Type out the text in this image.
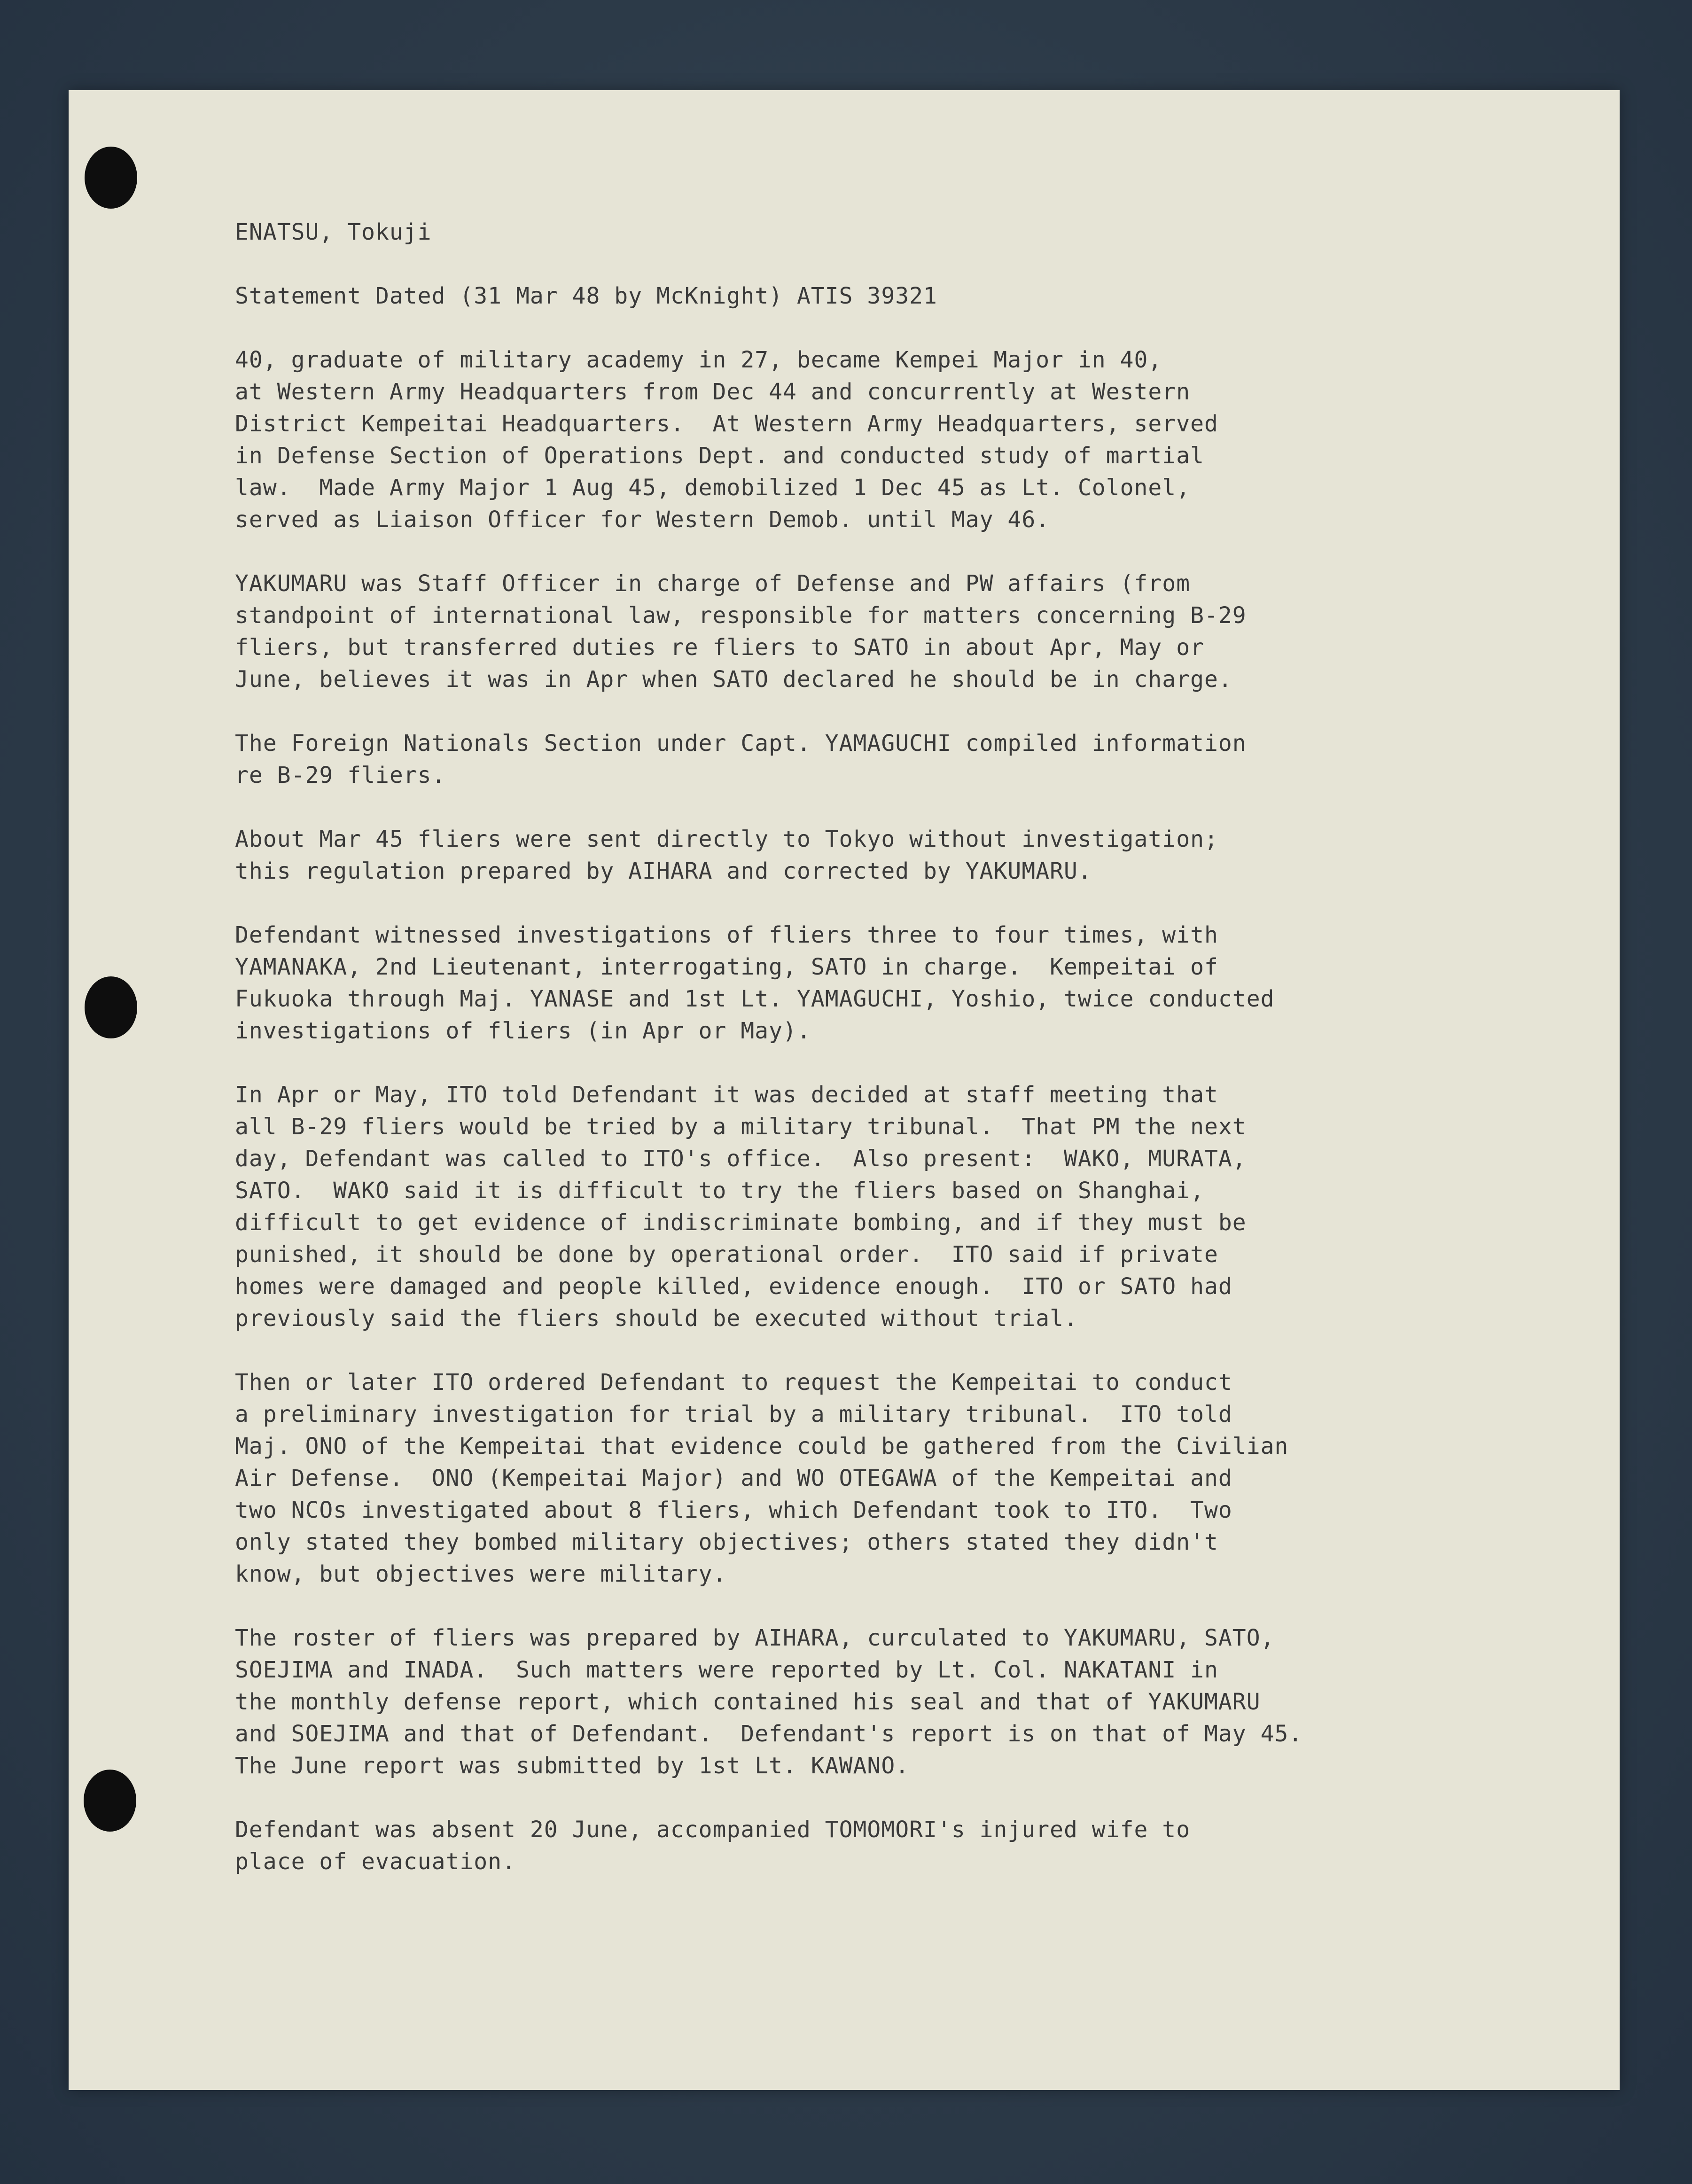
ENATSU, Tokuji

Statement Dated (31 Mar 48 by McKnight) ATIS 39321

40, graduate of military academy in 27, became Kempei Major in 40,
at Western Army Headquarters from Dec 44 and concurrently at Western
District Kempeitai Headquarters.  At Western Army Headquarters, served
in Defense Section of Operations Dept. and conducted study of martial
law.  Made Army Major 1 Aug 45, demobilized 1 Dec 45 as Lt. Colonel,
served as Liaison Officer for Western Demob. until May 46.

YAKUMARU was Staff Officer in charge of Defense and PW affairs (from
standpoint of international law, responsible for matters concerning B-29
fliers, but transferred duties re fliers to SATO in about Apr, May or
June, believes it was in Apr when SATO declared he should be in charge.

The Foreign Nationals Section under Capt. YAMAGUCHI compiled information
re B-29 fliers.

About Mar 45 fliers were sent directly to Tokyo without investigation;
this regulation prepared by AIHARA and corrected by YAKUMARU.

Defendant witnessed investigations of fliers three to four times, with
YAMANAKA, 2nd Lieutenant, interrogating, SATO in charge.  Kempeitai of
Fukuoka through Maj. YANASE and 1st Lt. YAMAGUCHI, Yoshio, twice conducted
investigations of fliers (in Apr or May).

In Apr or May, ITO told Defendant it was decided at staff meeting that
all B-29 fliers would be tried by a military tribunal.  That PM the next
day, Defendant was called to ITO's office.  Also present:  WAKO, MURATA,
SATO.  WAKO said it is difficult to try the fliers based on Shanghai,
difficult to get evidence of indiscriminate bombing, and if they must be
punished, it should be done by operational order.  ITO said if private
homes were damaged and people killed, evidence enough.  ITO or SATO had
previously said the fliers should be executed without trial.

Then or later ITO ordered Defendant to request the Kempeitai to conduct
a preliminary investigation for trial by a military tribunal.  ITO told
Maj. ONO of the Kempeitai that evidence could be gathered from the Civilian
Air Defense.  ONO (Kempeitai Major) and WO OTEGAWA of the Kempeitai and
two NCOs investigated about 8 fliers, which Defendant took to ITO.  Two
only stated they bombed military objectives; others stated they didn't
know, but objectives were military.

The roster of fliers was prepared by AIHARA, curculated to YAKUMARU, SATO,
SOEJIMA and INADA.  Such matters were reported by Lt. Col. NAKATANI in
the monthly defense report, which contained his seal and that of YAKUMARU
and SOEJIMA and that of Defendant.  Defendant's report is on that of May 45.
The June report was submitted by 1st Lt. KAWANO.

Defendant was absent 20 June, accompanied TOMOMORI's injured wife to
place of evacuation.
